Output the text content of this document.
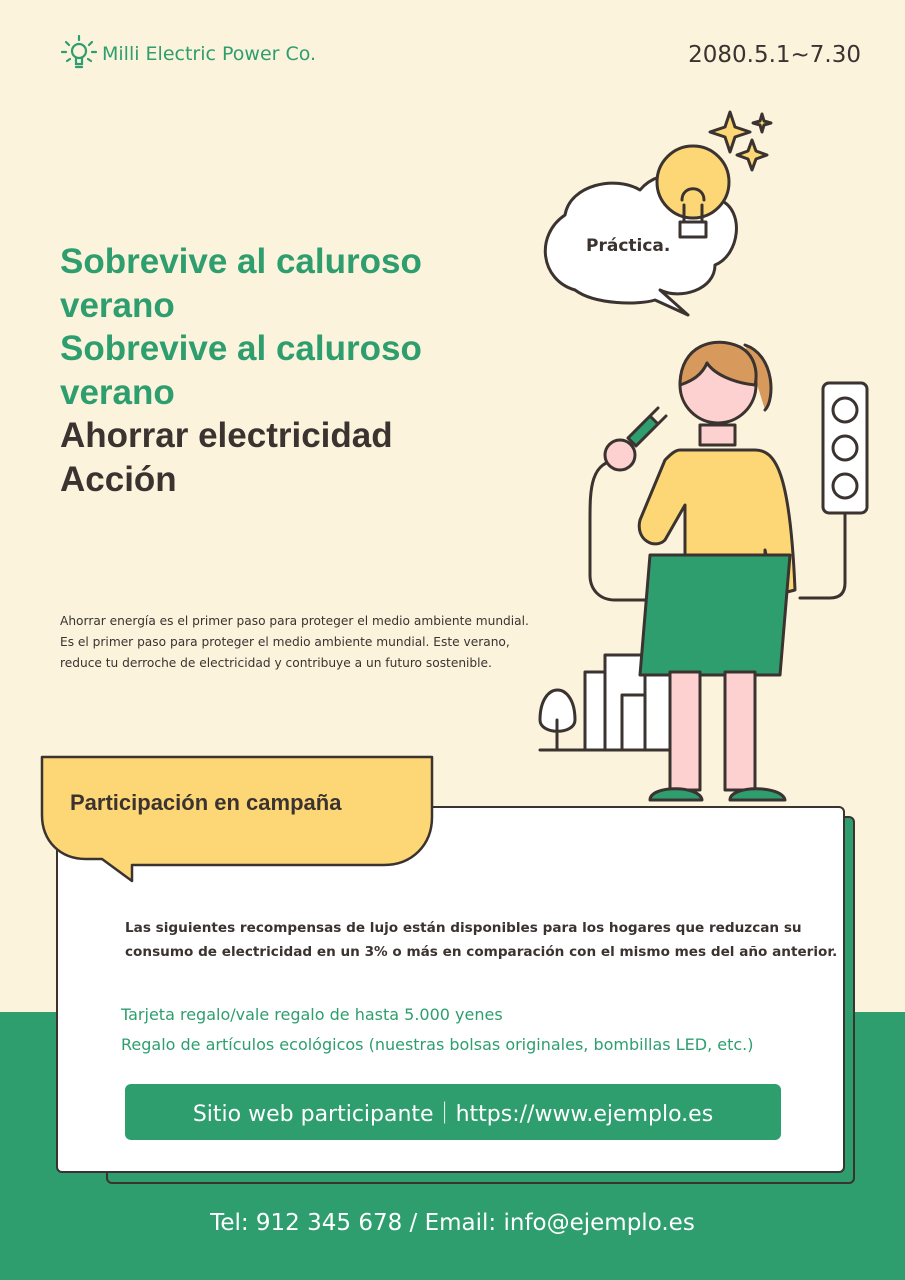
Milli Electric Power Co.	2080.5.1~7.30
Sobrevive al caluroso
verano
Sobrevive al caluroso
verano
Ahorrar electricidad
Acción
Ahorrar energía es el primer paso para proteger el medio ambiente mundial.
Es el primer paso para proteger el medio ambiente mundial. Este verano,
reduce tu derroche de electricidad y contribuye a un futuro sostenible.
Práctica.
Participación en campaña
Las siguientes recompensas de lujo están disponibles para los hogares que reduzcan su
consumo de electricidad en un 3% o más en comparación con el mismo mes del año anterior.
Tarjeta regalo/vale regalo de hasta 5.000 yenes
Regalo de artículos ecológicos (nuestras bolsas originales, bombillas LED, etc.)
Sitio web participante｜https://www.ejemplo.es
Tel: 912 345 678 / Email: info@ejemplo.es
